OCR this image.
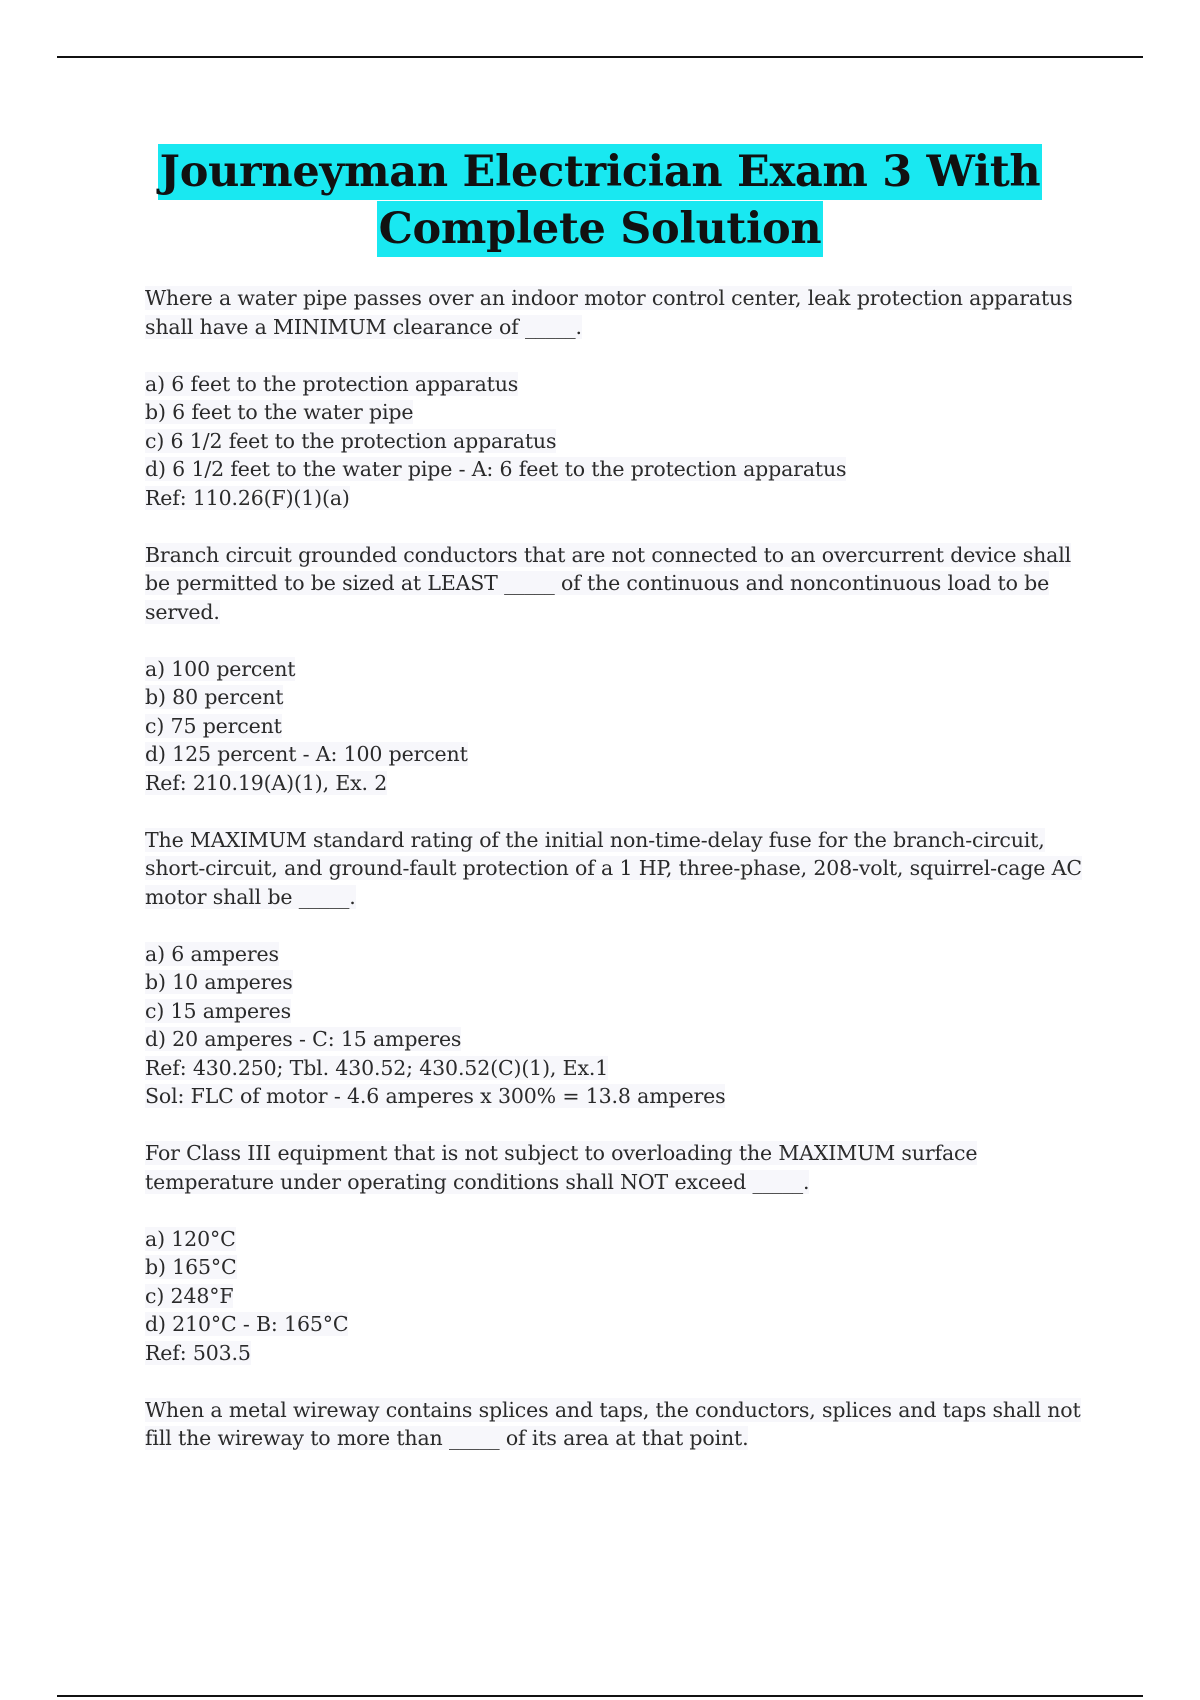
Journeyman Electrician Exam 3 With
Complete Solution
Where a water pipe passes over an indoor motor control center, leak protection apparatus
shall have a MINIMUM clearance of _____.
a) 6 feet to the protection apparatus
b) 6 feet to the water pipe
c) 6 1/2 feet to the protection apparatus
d) 6 1/2 feet to the water pipe - A: 6 feet to the protection apparatus
Ref: 110.26(F)(1)(a)
Branch circuit grounded conductors that are not connected to an overcurrent device shall
be permitted to be sized at LEAST _____ of the continuous and noncontinuous load to be
served.
a) 100 percent
b) 80 percent
c) 75 percent
d) 125 percent - A: 100 percent
Ref: 210.19(A)(1), Ex. 2
The MAXIMUM standard rating of the initial non-time-delay fuse for the branch-circuit,
short-circuit, and ground-fault protection of a 1 HP, three-phase, 208-volt, squirrel-cage AC
motor shall be _____.
a) 6 amperes
b) 10 amperes
c) 15 amperes
d) 20 amperes - C: 15 amperes
Ref: 430.250; Tbl. 430.52; 430.52(C)(1), Ex.1
Sol: FLC of motor - 4.6 amperes x 300% = 13.8 amperes
For Class III equipment that is not subject to overloading the MAXIMUM surface
temperature under operating conditions shall NOT exceed _____.
a) 120°C
b) 165°C
c) 248°F
d) 210°C - B: 165°C
Ref: 503.5
When a metal wireway contains splices and taps, the conductors, splices and taps shall not
fill the wireway to more than _____ of its area at that point.
